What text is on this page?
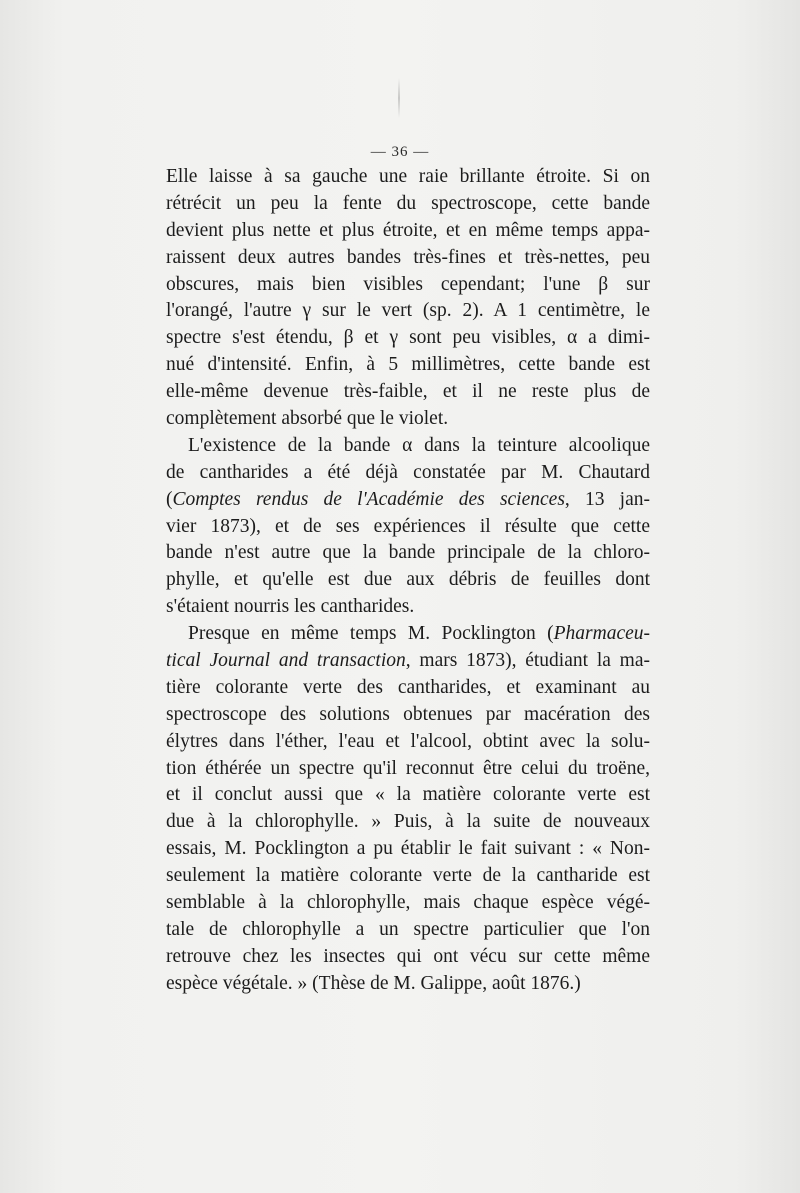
— 36 —
Elle laisse à sa gauche une raie brillante étroite. Si on
rétrécit un peu la fente du spectroscope, cette bande
devient plus nette et plus étroite, et en même temps appa-
raissent deux autres bandes très-fines et très-nettes, peu
obscures, mais bien visibles cependant; l'une β sur
l'orangé, l'autre γ sur le vert (sp. 2). A 1 centimètre, le
spectre s'est étendu, β et γ sont peu visibles, α a dimi-
nué d'intensité. Enfin, à 5 millimètres, cette bande est
elle-même devenue très-faible, et il ne reste plus de
complètement absorbé que le violet.
L'existence de la bande α dans la teinture alcoolique
de cantharides a été déjà constatée par M. Chautard
(Comptes rendus de l'Académie des sciences, 13 jan-
vier 1873), et de ses expériences il résulte que cette
bande n'est autre que la bande principale de la chloro-
phylle, et qu'elle est due aux débris de feuilles dont
s'étaient nourris les cantharides.
Presque en même temps M. Pocklington (Pharmaceu-
tical Journal and transaction, mars 1873), étudiant la ma-
tière colorante verte des cantharides, et examinant au
spectroscope des solutions obtenues par macération des
élytres dans l'éther, l'eau et l'alcool, obtint avec la solu-
tion éthérée un spectre qu'il reconnut être celui du troëne,
et il conclut aussi que « la matière colorante verte est
due à la chlorophylle. » Puis, à la suite de nouveaux
essais, M. Pocklington a pu établir le fait suivant : « Non-
seulement la matière colorante verte de la cantharide est
semblable à la chlorophylle, mais chaque espèce végé-
tale de chlorophylle a un spectre particulier que l'on
retrouve chez les insectes qui ont vécu sur cette même
espèce végétale. » (Thèse de M. Galippe, août 1876.)
